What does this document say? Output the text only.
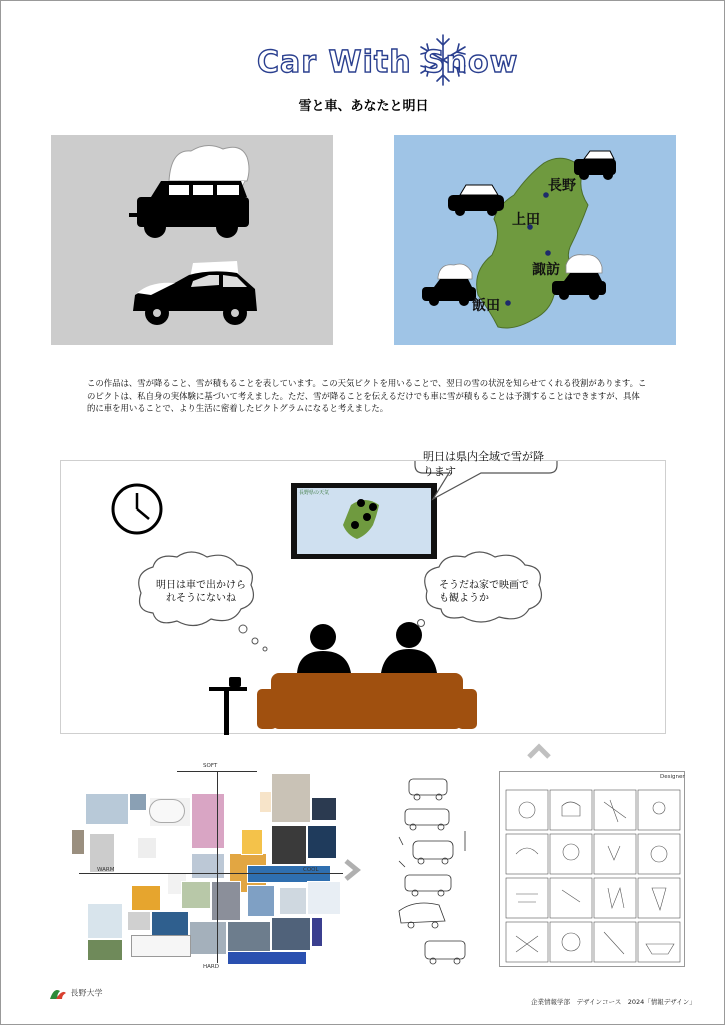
Car With Snow
雪と車、あなたと明日
長野
上田
諏訪
飯田
この作品は、雪が降ること、雪が積もることを表しています。この天気ピクトを用いることで、翌日の雪の状況を知らせてくれる役割があります。このピクトは、私自身の実体験に基づいて考えました。ただ、雪が降ることを伝えるだけでも車に雪が積もることは予測することはできますが、具体的に車を用いることで、より生活に密着したピクトグラムになると考えました。
明日は県内全域で雪が降ります
長野県の天気
明日は車で出かけられそうにないね
そうだね家で映画でも観ようか
SOFT
HARD
WARM	COOL
Designer
長野大学
企業情報学部　デザインコース　2024「情報デザイン」
